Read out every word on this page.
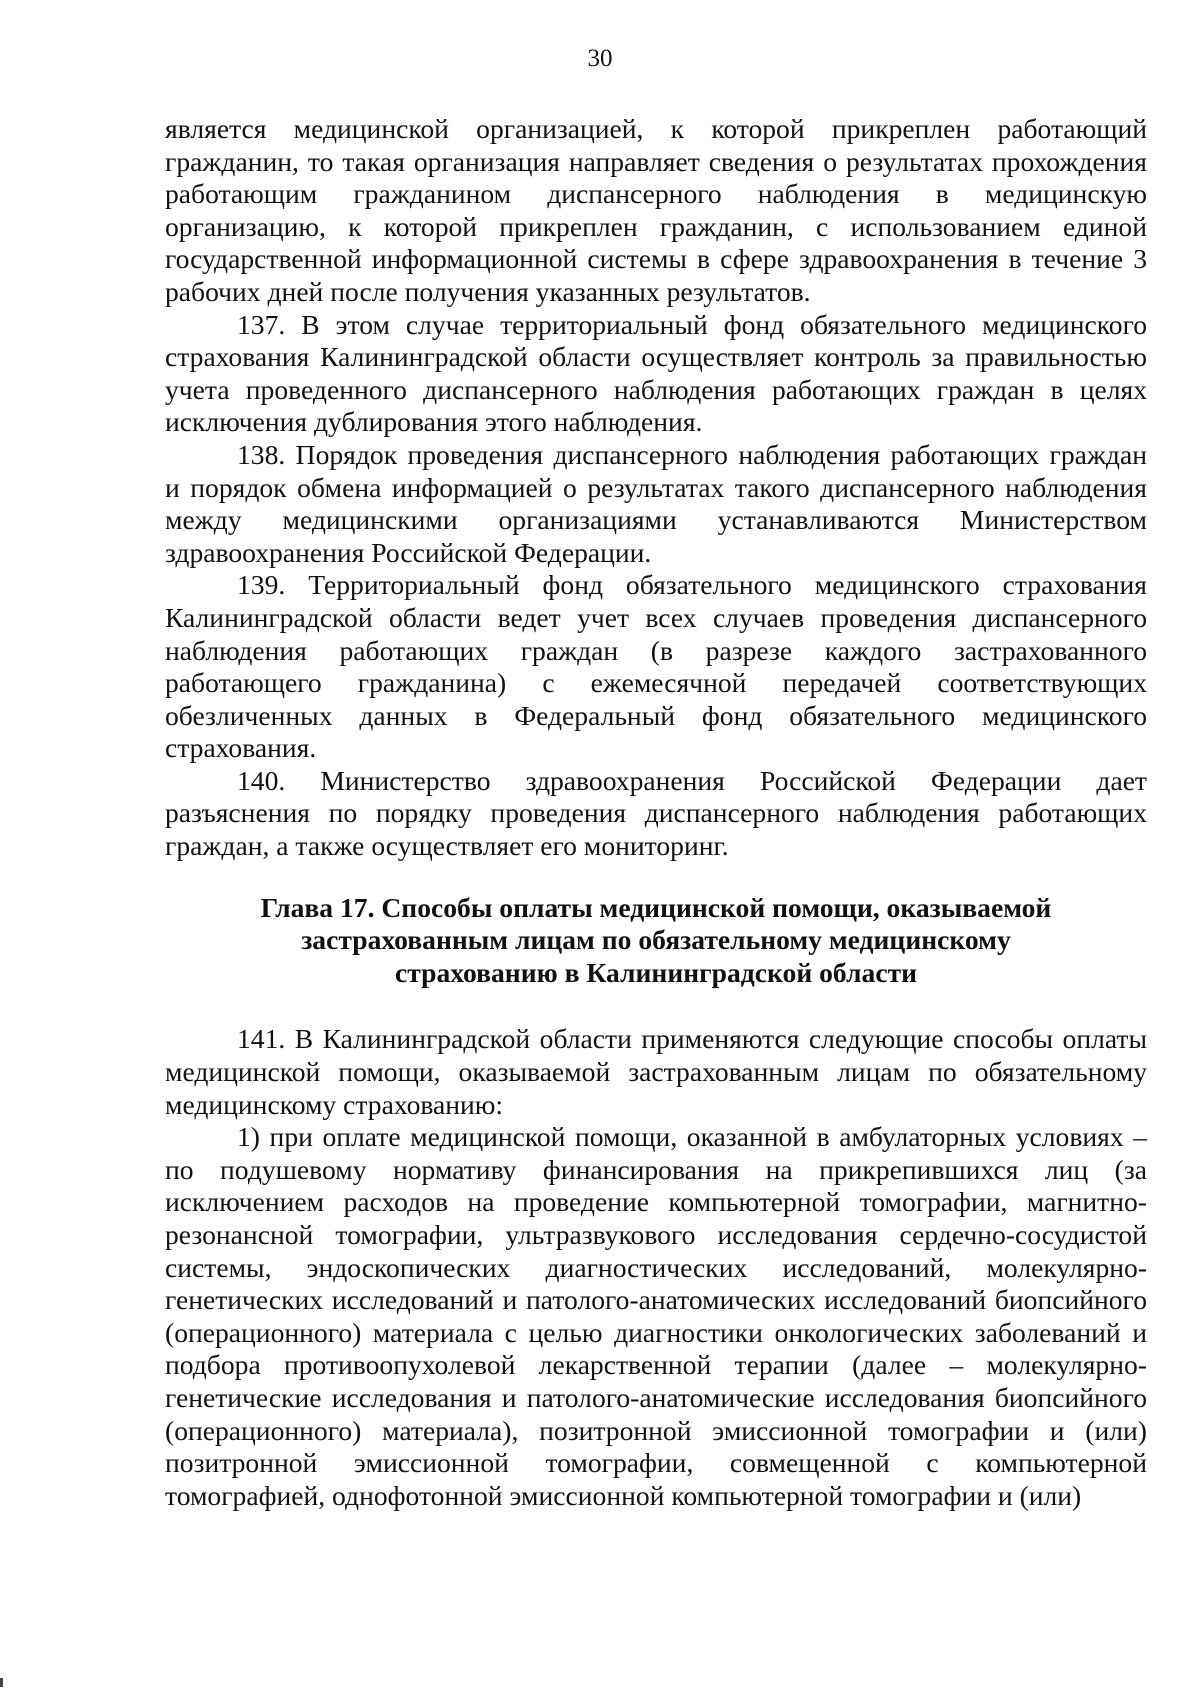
30

является медицинской организацией, к которой прикреплен работающий гражданин, то такая организация направляет сведения о результатах прохождения работающим гражданином диспансерного наблюдения в медицинскую организацию, к которой прикреплен гражданин, с использованием единой государственной информационной системы в сфере здравоохранения в течение 3 рабочих дней после получения указанных результатов.

137. В этом случае территориальный фонд обязательного медицинского страхования Калининградской области осуществляет контроль за правильностью учета проведенного диспансерного наблюдения работающих граждан в целях исключения дублирования этого наблюдения.

138. Порядок проведения диспансерного наблюдения работающих граждан и порядок обмена информацией о результатах такого диспансерного наблюдения между медицинскими организациями устанавливаются Министерством здравоохранения Российской Федерации.

139. Территориальный фонд обязательного медицинского страхования Калининградской области ведет учет всех случаев проведения диспансерного наблюдения работающих граждан (в разрезе каждого застрахованного работающего гражданина) с ежемесячной передачей соответствующих обезличенных данных в Федеральный фонд обязательного медицинского страхования.

140. Министерство здравоохранения Российской Федерации дает разъяснения по порядку проведения диспансерного наблюдения работающих граждан, а также осуществляет его мониторинг.

Глава 17. Способы оплаты медицинской помощи, оказываемой
застрахованным лицам по обязательному медицинскому
страхованию в Калининградской области

141. В Калининградской области применяются следующие способы оплаты медицинской помощи, оказываемой застрахованным лицам по обязательному медицинскому страхованию:

1) при оплате медицинской помощи, оказанной в амбулаторных условиях – по подушевому нормативу финансирования на прикрепившихся лиц (за исключением расходов на проведение компьютерной томографии, магнитно-резонансной томографии, ультразвукового исследования сердечно-сосудистой системы, эндоскопических диагностических исследований, молекулярно-генетических исследований и патолого-анатомических исследований биопсийного (операционного) материала с целью диагностики онкологических заболеваний и подбора противоопухолевой лекарственной терапии (далее – молекулярно-генетические исследования и патолого-анатомические исследования биопсийного (операционного) материала), позитронной эмиссионной томографии и (или) позитронной эмиссионной томографии, совмещенной с компьютерной томографией, однофотонной эмиссионной компьютерной томографии и (или)
